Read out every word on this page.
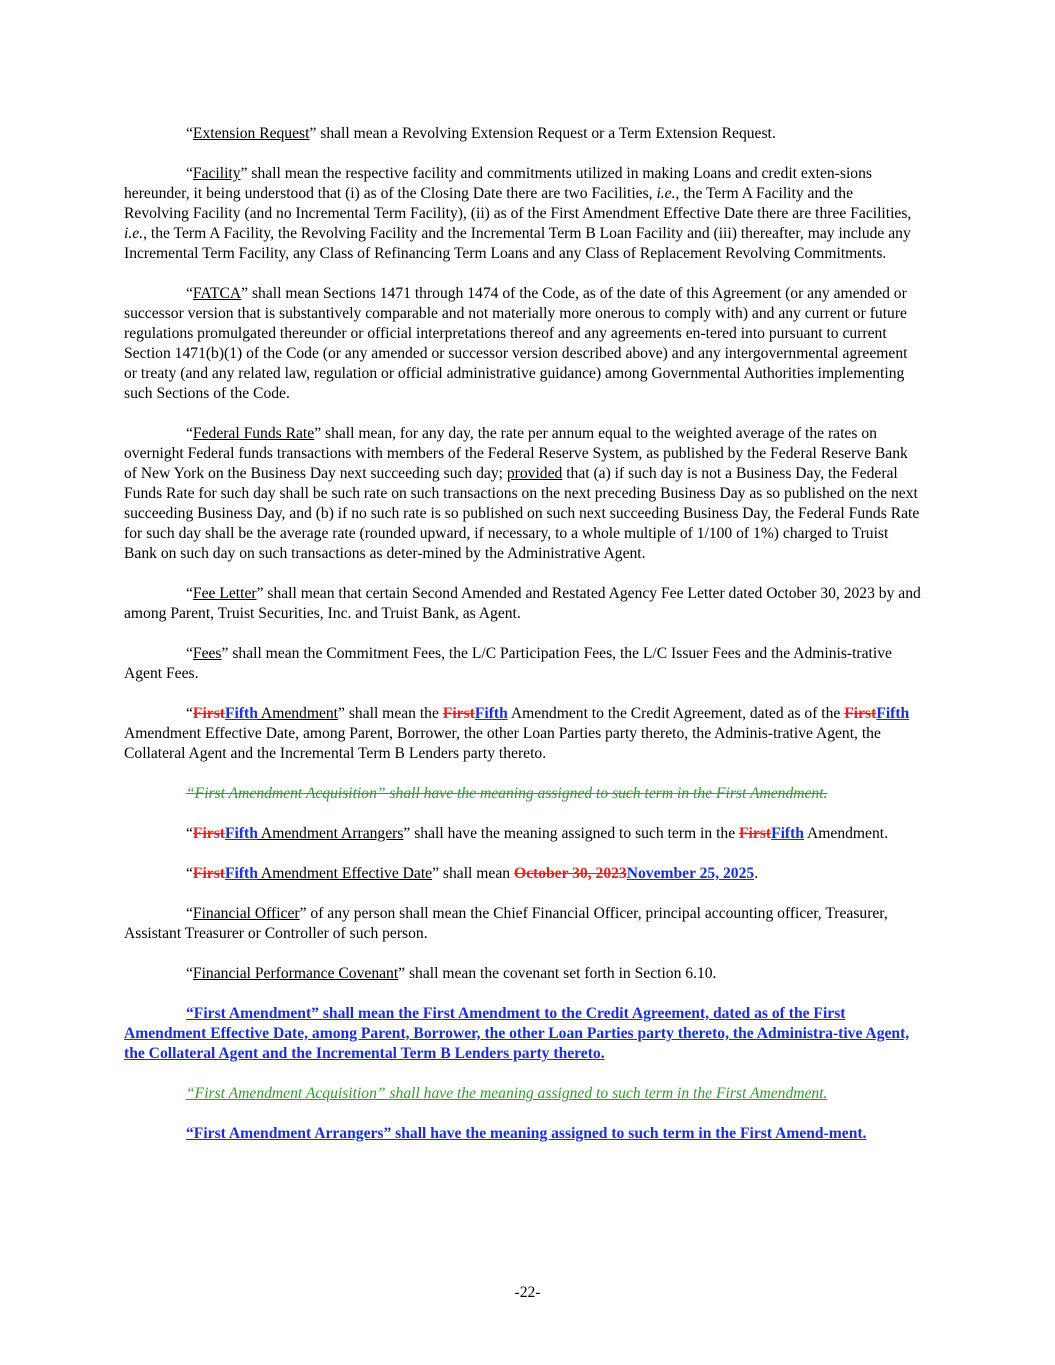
“Extension Request” shall mean a Revolving Extension Request or a Term Extension Request.

“Facility” shall mean the respective facility and commitments utilized in making Loans and credit exten-sions hereunder, it being understood that (i) as of the Closing Date there are two Facilities, i.e., the Term A Facility and the Revolving Facility (and no Incremental Term Facility), (ii) as of the First Amendment Effective Date there are three Facilities, i.e., the Term A Facility, the Revolving Facility and the Incremental Term B Loan Facility and (iii) thereafter, may include any Incremental Term Facility, any Class of Refinancing Term Loans and any Class of Replacement Revolving Commitments.

“FATCA” shall mean Sections 1471 through 1474 of the Code, as of the date of this Agreement (or any amended or successor version that is substantively comparable and not materially more onerous to comply with) and any current or future regulations promulgated thereunder or official interpretations thereof and any agreements en-tered into pursuant to current Section 1471(b)(1) of the Code (or any amended or successor version described above) and any intergovernmental agreement or treaty (and any related law, regulation or official administrative guidance) among Governmental Authorities implementing such Sections of the Code.

“Federal Funds Rate” shall mean, for any day, the rate per annum equal to the weighted average of the rates on overnight Federal funds transactions with members of the Federal Reserve System, as published by the Federal Reserve Bank of New York on the Business Day next succeeding such day; provided that (a) if such day is not a Business Day, the Federal Funds Rate for such day shall be such rate on such transactions on the next preceding Business Day as so published on the next succeeding Business Day, and (b) if no such rate is so published on such next succeeding Business Day, the Federal Funds Rate for such day shall be the average rate (rounded upward, if necessary, to a whole multiple of 1/100 of 1%) charged to Truist Bank on such day on such transactions as deter-mined by the Administrative Agent.

“Fee Letter” shall mean that certain Second Amended and Restated Agency Fee Letter dated October 30, 2023 by and among Parent, Truist Securities, Inc. and Truist Bank, as Agent.

“Fees” shall mean the Commitment Fees, the L/C Participation Fees, the L/C Issuer Fees and the Adminis-trative Agent Fees.

“FirstFifth Amendment” shall mean the FirstFifth Amendment to the Credit Agreement, dated as of the FirstFifth Amendment Effective Date, among Parent, Borrower, the other Loan Parties party thereto, the Adminis-trative Agent, the Collateral Agent and the Incremental Term B Lenders party thereto.

“First Amendment Acquisition” shall have the meaning assigned to such term in the First Amendment.

“FirstFifth Amendment Arrangers” shall have the meaning assigned to such term in the FirstFifth Amendment.

“FirstFifth Amendment Effective Date” shall mean October 30, 2023November 25, 2025.

“Financial Officer” of any person shall mean the Chief Financial Officer, principal accounting officer, Treasurer, Assistant Treasurer or Controller of such person.

“Financial Performance Covenant” shall mean the covenant set forth in Section 6.10.

“First Amendment” shall mean the First Amendment to the Credit Agreement, dated as of the First Amendment Effective Date, among Parent, Borrower, the other Loan Parties party thereto, the Administra-tive Agent, the Collateral Agent and the Incremental Term B Lenders party thereto.

“First Amendment Acquisition” shall have the meaning assigned to such term in the First Amendment.

“First Amendment Arrangers” shall have the meaning assigned to such term in the First Amend-ment.

-22-
